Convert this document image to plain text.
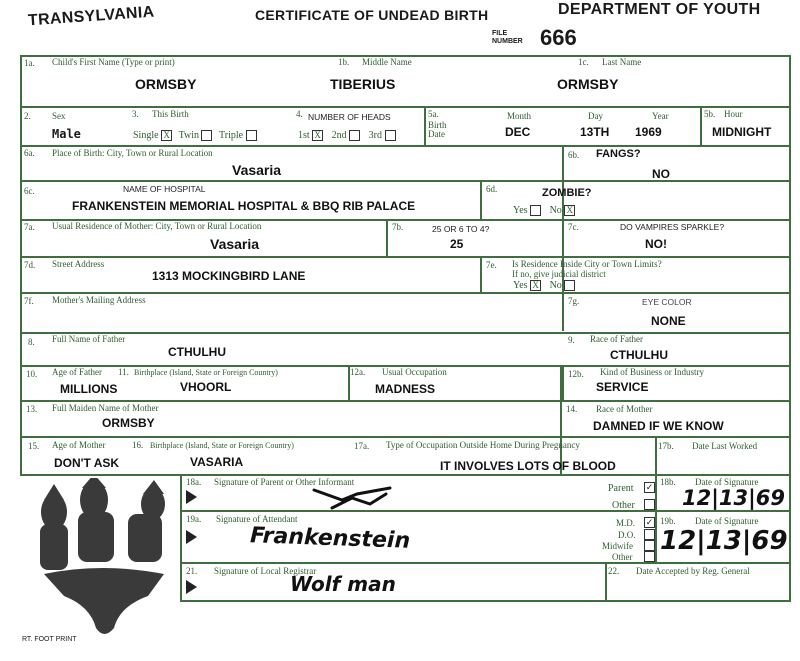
TRANSYLVANIA	CERTIFICATE OF UNDEAD BIRTH	DEPARTMENT OF YOUTH
FILE
NUMBER 666
1a. Child's First Name (Type or print)	1b. Middle Name	1c. Last Name
ORMSBY	TIBERIUS	ORMSBY
2. Sex
Male
3. This Birth
Single X Twin Triple
4. NUMBER OF HEADS
1st X 2nd 3rd
5a.
Birth Date
Month	Day	Year
DEC	13TH 1969
5b. Hour
MIDNIGHT
6a. Place of Birth: City, Town or Rural Location
Vasaria
6b. FANGS?
NO
6c.	NAME OF HOSPITAL
FRANKENSTEIN MEMORIAL HOSPITAL & BBQ RIB PALACE
6d.	ZOMBIE?
Yes No X
7a. Usual Residence of Mother: City, Town or Rural Location
Vasaria
7b.	25 OR 6 TO 4?
25
7c.	DO VAMPIRES SPARKLE?
NO!
7d. Street Address
1313 MOCKINGBIRD LANE
7e. Is Residence Inside City or Town Limits?
If no, give judicial district
Yes X No
7f. Mother's Mailing Address	7g.	EYE COLOR
NONE
8. Full Name of Father
CTHULHU
9. Race of Father
CTHULHU
10. Age of Father
MILLIONS
11. Birthplace (Island, State or Foreign Country)
VHOORL
12a. Usual Occupation
MADNESS
12b. Kind of Business or Industry
SERVICE
13. Full Maiden Name of Mother
ORMSBY
14. Race of Mother
DAMNED IF WE KNOW
15. Age of Mother
DON'T ASK
16. Birthplace (Island, State or Foreign Country)
VASARIA
17a. Type of Occupation Outside Home During Pregnancy
IT INVOLVES LOTS OF BLOOD
17b. Date Last Worked
18a. Signature of Parent or Other Informant
Parent ✓
Other
18b. Date of Signature
12|13|69
19a. Signature of Attendant
Frankenstein
M.D. ✓
D.O.
Midwife
Other
19b. Date of Signature
12|13|69
21. Signature of Local Registrar
Wolf man
22. Date Accepted by Reg. General
RT. FOOT PRINT
